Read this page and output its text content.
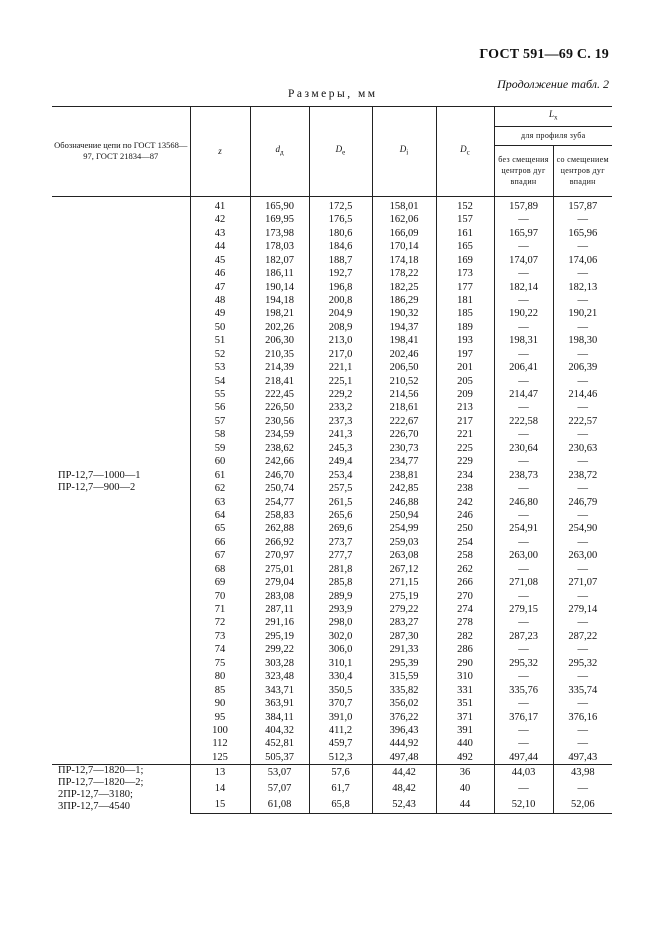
ГОСТ 591—69 С. 19
Продолжение табл. 2
Размеры, мм
Обозначение цепи по ГОСТ 13568—97, ГОСТ 21834—87	z	$d_д$	$D_e$	$D_i$	$D_c$	$L_x$
						для профиля зуба	
						без смещения центров дуг впадин	со смещением центров дуг впадин

ПР-12,7—1000—1
ПР-12,7—900—2	41	165,90	172,5	158,01	152	157,89	157,87
	42	169,95	176,5	162,06	157	—	—
	43	173,98	180,6	166,09	161	165,97	165,96
	44	178,03	184,6	170,14	165	—	—
	45	182,07	188,7	174,18	169	174,07	174,06
	46	186,11	192,7	178,22	173	—	—
	47	190,14	196,8	182,25	177	182,14	182,13
	48	194,18	200,8	186,29	181	—	—
	49	198,21	204,9	190,32	185	190,22	190,21
	50	202,26	208,9	194,37	189	—	—
	51	206,30	213,0	198,41	193	198,31	198,30
	52	210,35	217,0	202,46	197	—	—
	53	214,39	221,1	206,50	201	206,41	206,39
	54	218,41	225,1	210,52	205	—	—
	55	222,45	229,2	214,56	209	214,47	214,46
	56	226,50	233,2	218,61	213	—	—
	57	230,56	237,3	222,67	217	222,58	222,57
	58	234,59	241,3	226,70	221	—	—
	59	238,62	245,3	230,73	225	230,64	230,63
	60	242,66	249,4	234,77	229	—	—
	61	246,70	253,4	238,81	234	238,73	238,72
	62	250,74	257,5	242,85	238	—	—
	63	254,77	261,5	246,88	242	246,80	246,79
	64	258,83	265,6	250,94	246	—	—
	65	262,88	269,6	254,99	250	254,91	254,90
	66	266,92	273,7	259,03	254	—	—
	67	270,97	277,7	263,08	258	263,00	263,00
	68	275,01	281,8	267,12	262	—	—
	69	279,04	285,8	271,15	266	271,08	271,07
	70	283,08	289,9	275,19	270	—	—
	71	287,11	293,9	279,22	274	279,15	279,14
	72	291,16	298,0	283,27	278	—	—
	73	295,19	302,0	287,30	282	287,23	287,22
	74	299,22	306,0	291,33	286	—	—
	75	303,28	310,1	295,39	290	295,32	295,32
	80	323,48	330,4	315,59	310	—	—
	85	343,71	350,5	335,82	331	335,76	335,74
	90	363,91	370,7	356,02	351	—	—
	95	384,11	391,0	376,22	371	376,17	376,16
	100	404,32	411,2	396,43	391	—	—
	112	452,81	459,7	444,92	440	—	—
	125	505,37	512,3	497,48	492	497,44	497,43

ПР-12,7—1820—1;
ПР-12,7—1820—2;
2ПР-12,7—3180;
3ПР-12,7—4540	13	53,07	57,6	44,42	36	44,03	43,98
	14	57,07	61,7	48,42	40	—	—
	15	61,08	65,8	52,43	44	52,10	52,06
